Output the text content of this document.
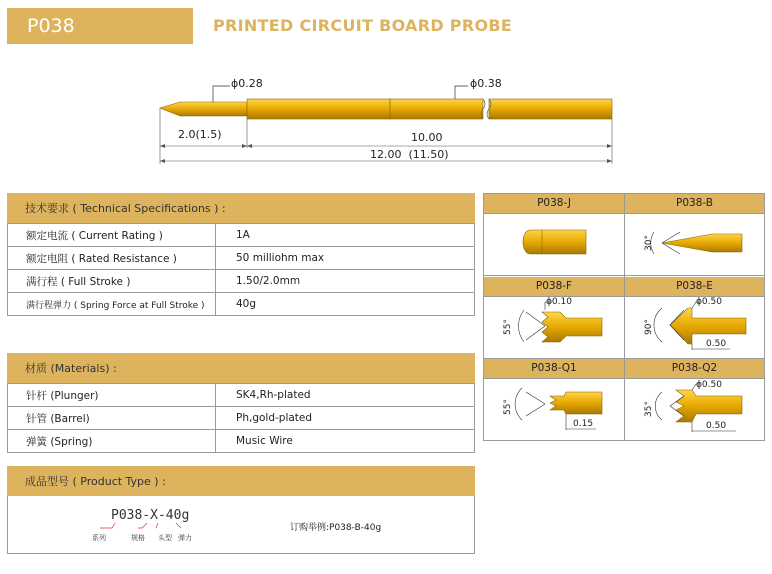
P038	PRINTED CIRCUIT BOARD PROBE
ϕ0.28	ϕ0.38
2.0(1.5)	10.00
12.00  (11.50)
技术要求 ( Technical Specifications ) :
额定电流 ( Current Rating )	1A
额定电阻 ( Rated Resistance )	50 milliohm max
满行程 ( Full Stroke )	1.50/2.0mm
满行程弹力 ( Spring Force at Full Stroke )	40g
材质 (Materials) :
针杆 (Plunger)	SK4,Rh-plated
针管 (Barrel)	Ph,gold-plated
弹簧 (Spring)	Music Wire
成品型号 ( Product Type ) :
P038-X-40g
系列	规格 头型 弹力
订购举例:P038-B-40g
P038-J	P038-B
30°
P038-F	P038-E
ϕ0.10
55°
ϕ0.50
90°
0.50
P038-Q1	P038-Q2
55°
0.15
ϕ0.50
35°
0.50
